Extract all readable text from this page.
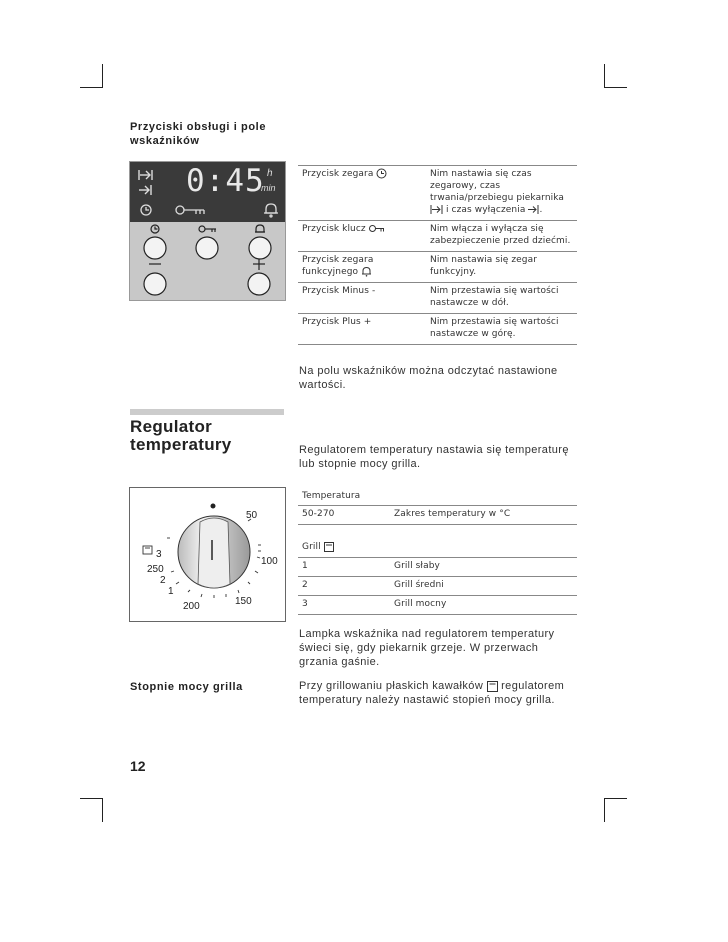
Przyciski obsługi i pole wskaźników
0:45 h
min
Przycisk zegara	Nim nastawia się czas zegarowy, czas trwania/przebiegu piekarnika  i czas wyłączenia .
Przycisk klucz	Nim włącza i wyłącza się zabezpieczenie przed dziećmi.
Przycisk zegara funkcyjnego	Nim nastawia się zegar funkcyjny.
Przycisk Minus -	Nim przestawia się wartości nastawcze w dół.
Przycisk Plus +	Nim przestawia się wartości nastawcze w górę.
Na polu wskaźników można odczytać nastawione wartości.
Regulator temperatury	Regulatorem temperatury nastawia się temperaturę lub stopnie mocy grilla.
50
100
150
200
250
3
2
1
Temperatura	
50-270	Zakres temperatury w °C

Grill	
1	Grill słaby
2	Grill średni
3	Grill mocny
Lampka wskaźnika nad regulatorem temperatury świeci się, gdy piekarnik grzeje. W przerwach grzania gaśnie.
Stopnie mocy grilla	Przy grillowaniu płaskich kawałków regulatorem temperatury należy nastawić stopień mocy grilla.
12
